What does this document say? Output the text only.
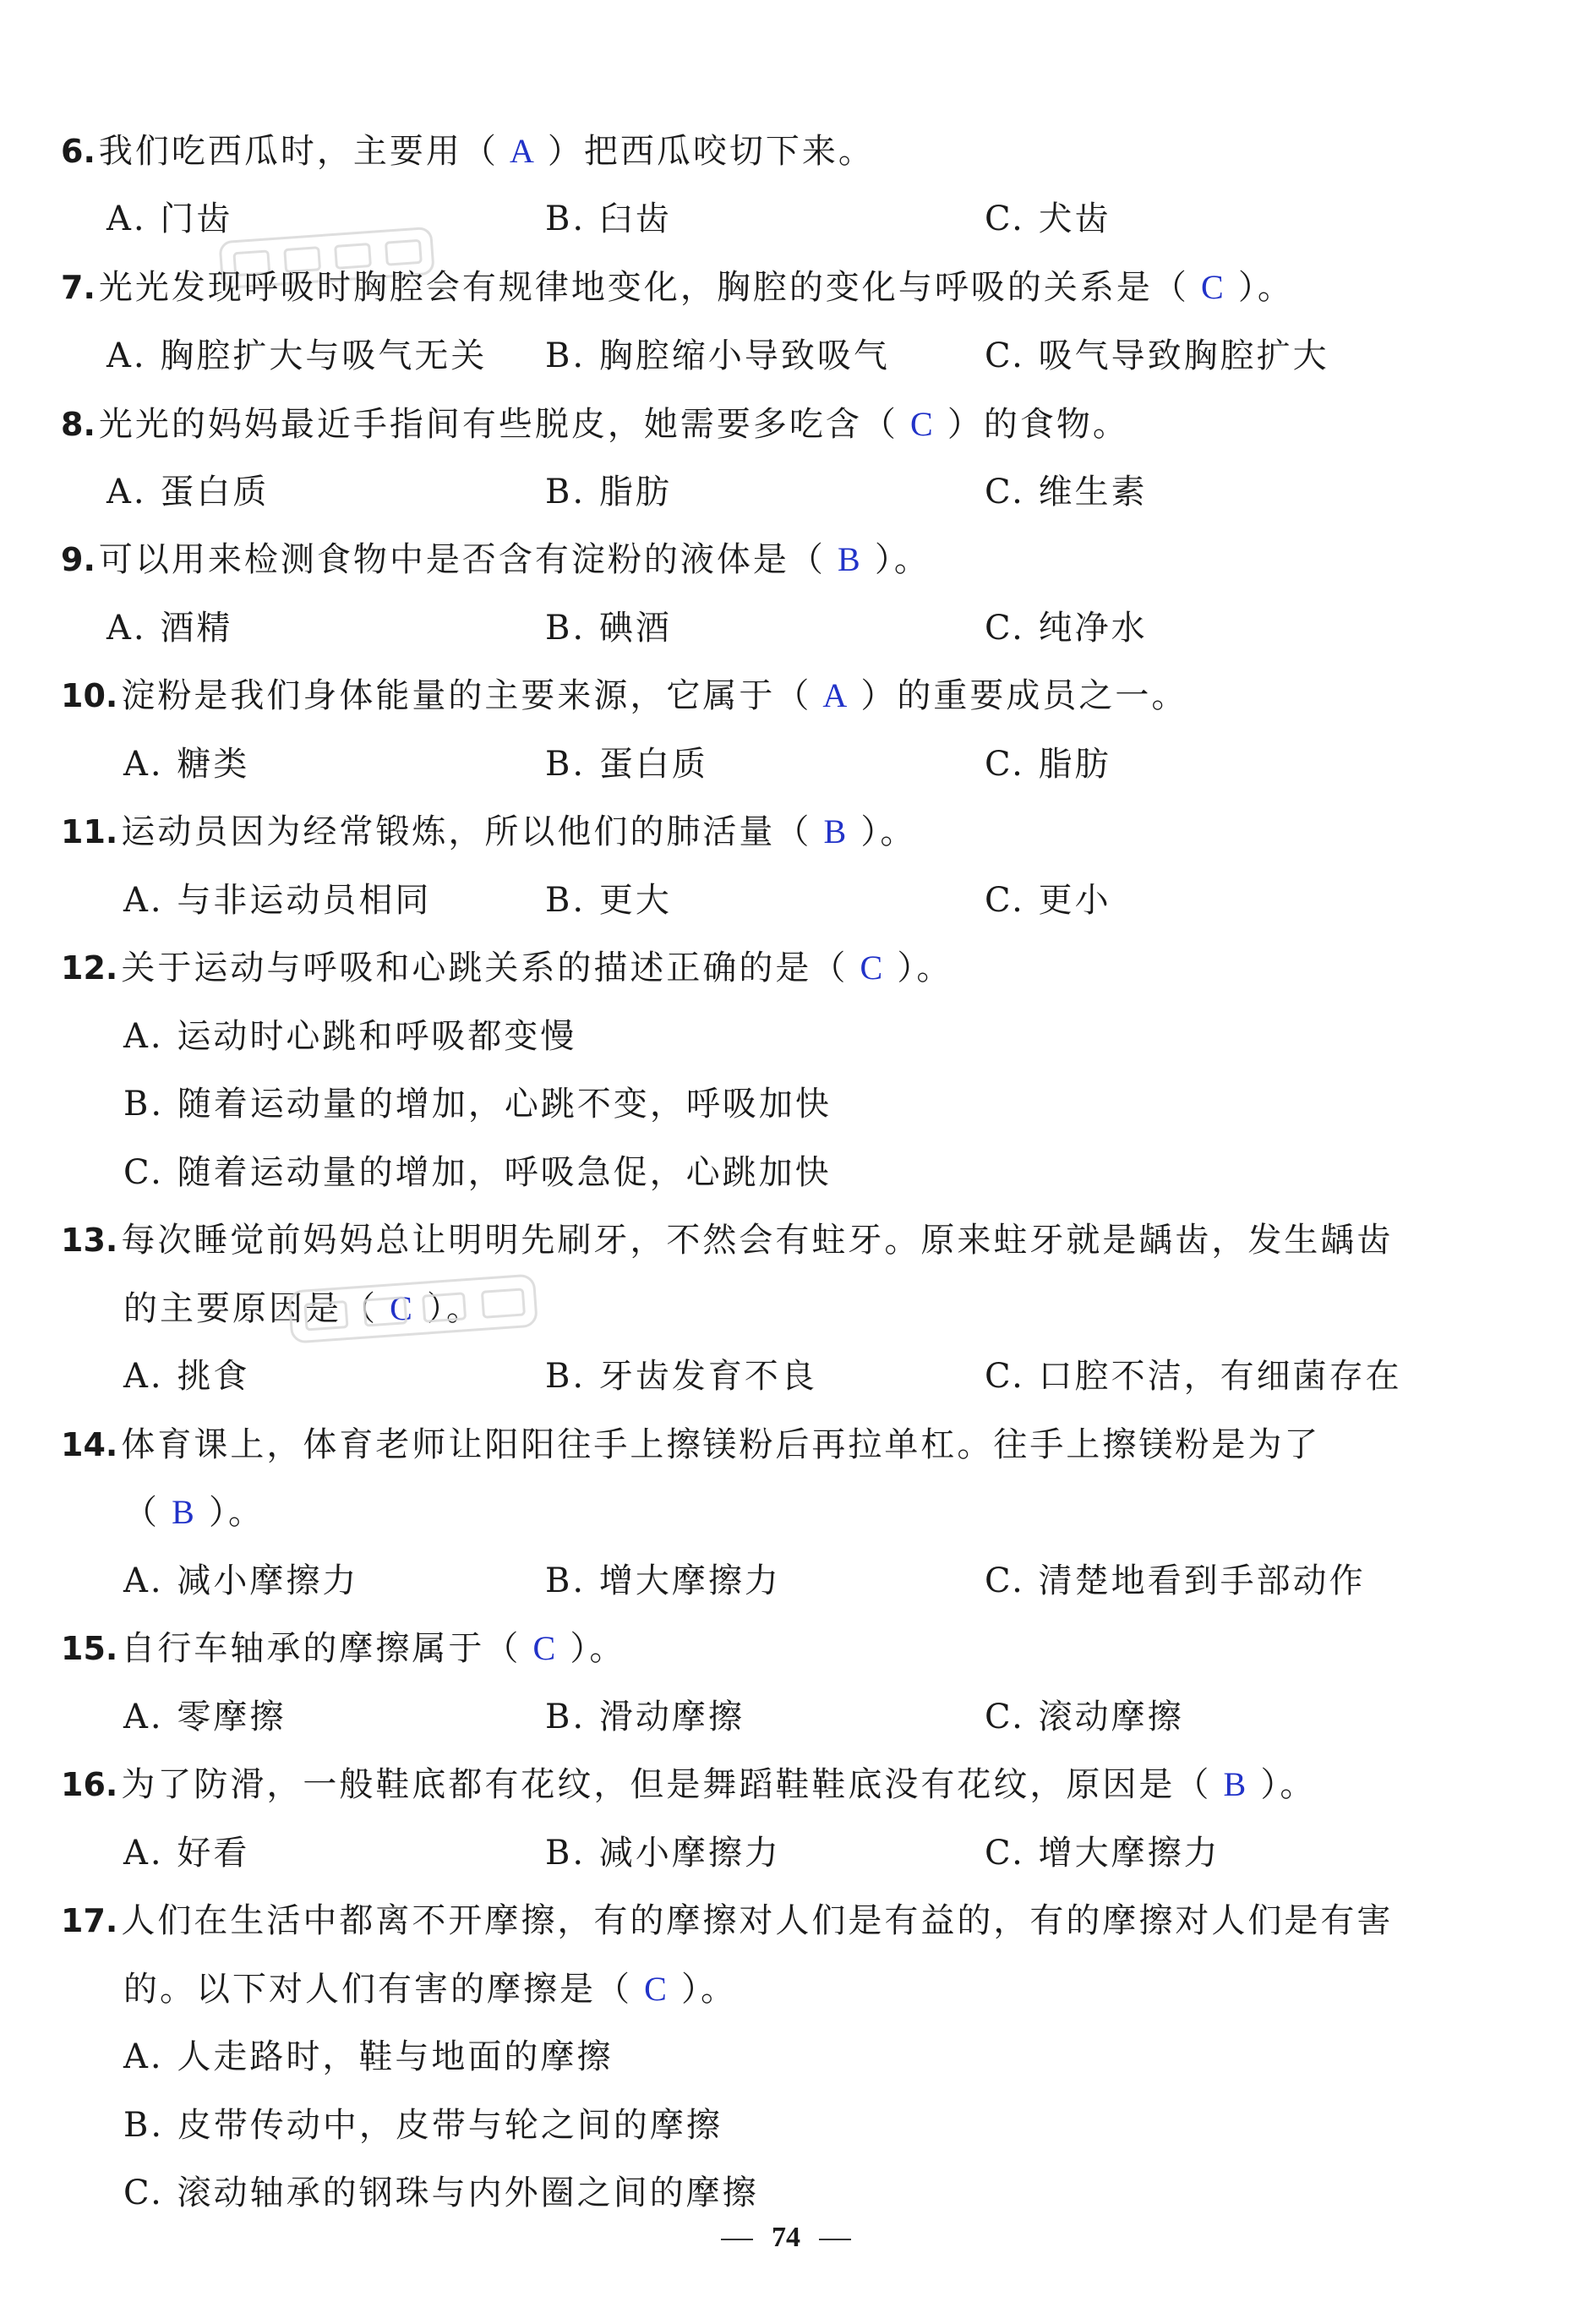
6. 我们吃西瓜时，主要用（ A ）把西瓜咬切下来。
A. 门齿	B. 臼齿	C. 犬齿
7. 光光发现呼吸时胸腔会有规律地变化，胸腔的变化与呼吸的关系是（ C ）。
A. 胸腔扩大与吸气无关 B. 胸腔缩小导致吸气	C. 吸气导致胸腔扩大
8. 光光的妈妈最近手指间有些脱皮，她需要多吃含（ C ）的食物。
A. 蛋白质	B. 脂肪	C. 维生素
9. 可以用来检测食物中是否含有淀粉的液体是（ B ）。
A. 酒精	B. 碘酒	C. 纯净水
10. 淀粉是我们身体能量的主要来源，它属于（ A ）的重要成员之一。
A. 糖类	B. 蛋白质	C. 脂肪
11. 运动员因为经常锻炼，所以他们的肺活量（ B ）。
A. 与非运动员相同	B. 更大	C. 更小
12. 关于运动与呼吸和心跳关系的描述正确的是（ C ）。
A. 运动时心跳和呼吸都变慢
B. 随着运动量的增加，心跳不变，呼吸加快
C. 随着运动量的增加，呼吸急促，心跳加快
13. 每次睡觉前妈妈总让明明先刷牙，不然会有蛀牙。原来蛀牙就是龋齿，发生龋齿
的主要原因是（ C ）。
A. 挑食	B. 牙齿发育不良	C. 口腔不洁，有细菌存在
14. 体育课上，体育老师让阳阳往手上擦镁粉后再拉单杠。往手上擦镁粉是为了
（ B ）。
A. 减小摩擦力	B. 增大摩擦力	C. 清楚地看到手部动作
15. 自行车轴承的摩擦属于（ C ）。
A. 零摩擦	B. 滑动摩擦	C. 滚动摩擦
16. 为了防滑，一般鞋底都有花纹，但是舞蹈鞋鞋底没有花纹，原因是（ B ）。
A. 好看	B. 减小摩擦力	C. 增大摩擦力
17. 人们在生活中都离不开摩擦，有的摩擦对人们是有益的，有的摩擦对人们是有害
的。以下对人们有害的摩擦是（ C ）。
A. 人走路时，鞋与地面的摩擦
B. 皮带传动中，皮带与轮之间的摩擦
C. 滚动轴承的钢珠与内外圈之间的摩擦
74
